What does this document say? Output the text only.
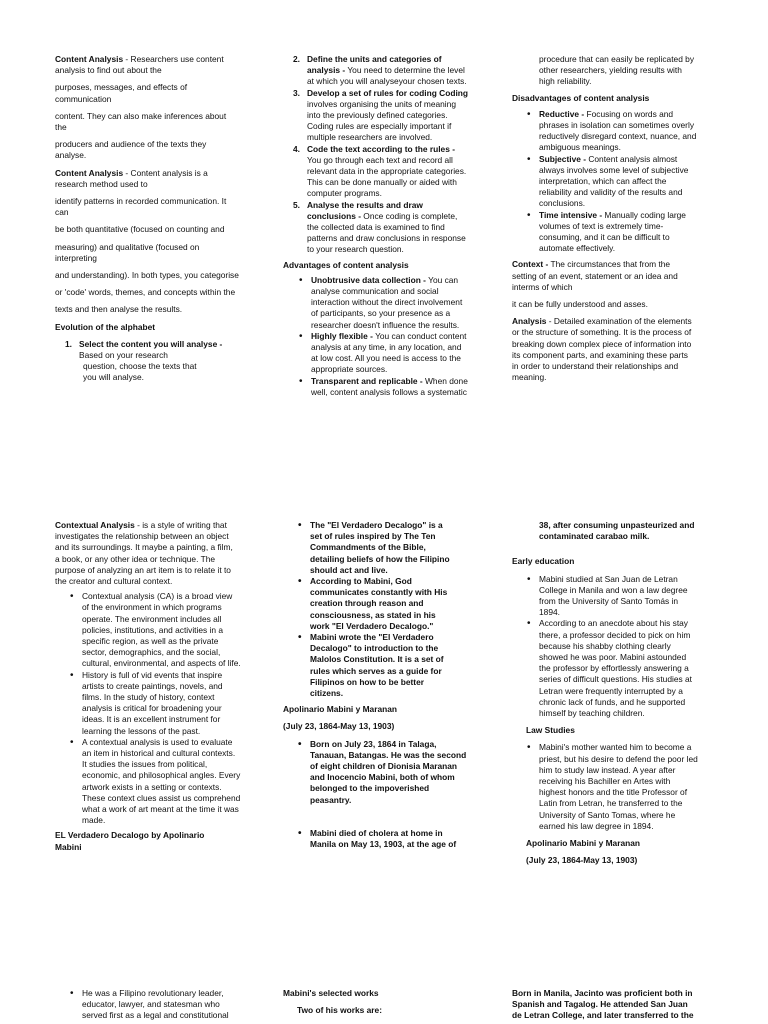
Content Analysis - Researchers use content
analysis to find out about the

purposes, messages, and effects of
communication

content. They can also make inferences about
the

producers and audience of the texts they
analyse.

Content Analysis - Content analysis is a
research method used to

identify patterns in recorded communication. It
can

be both quantitative (focused on counting and

measuring) and qualitative (focused on
interpreting

and understanding). In both types, you categorise

or 'code' words, themes, and concepts within the

texts and then analyse the results.

Evolution of the alphabet

1. Select the content you will analyse -
Based on your research
question, choose the texts that
you will analyse.
2. Define the units and categories of
analysis - You need to determine the level
at which you will analyseyour chosen texts.
3. Develop a set of rules for coding Coding
involves organising the units of meaning
into the previously defined categories.
Coding rules are especially important if
multiple researchers are involved.
4. Code the text according to the rules -
You go through each text and record all
relevant data in the appropriate categories.
This can be done manually or aided with
computer programs.
5. Analyse the results and draw
conclusions - Once coding is complete,
the collected data is examined to find
patterns and draw conclusions in response
to your research question.

Advantages of content analysis

• Unobtrusive data collection - You can
analyse communication and social
interaction without the direct involvement
of participants, so your presence as a
researcher doesn't influence the results.
• Highly flexible - You can conduct content
analysis at any time, in any location, and
at low cost. All you need is access to the
appropriate sources.
• Transparent and replicable - When done
well, content analysis follows a systematic

procedure that can easily be replicated by
other researchers, yielding results with
high reliability.

Disadvantages of content analysis

• Reductive - Focusing on words and
phrases in isolation can sometimes overly
reductively disregard context, nuance, and
ambiguous meanings.
• Subjective - Content analysis almost
always involves some level of subjective
interpretation, which can affect the
reliability and validity of the results and
conclusions.
• Time intensive - Manually coding large
volumes of text is extremely time-
consuming, and it can be difficult to
automate effectively.

Context - The circumstances that from the
setting of an event, statement or an idea and
interms of which

it can be fully understood and asses.

Analysis - Detailed examination of the elements
or the structure of something. It is the process of
breaking down complex piece of information into
its component parts, and examining these parts
in order to understand their relationships and
meaning.

Contextual Analysis - is a style of writing that
investigates the relationship between an object
and its surroundings. It maybe a painting, a film,
a book, or any other idea or technique. The
purpose of analyzing an art item is to relate it to
the creator and cultural context.

• Contextual analysis (CA) is a broad view
of the environment in which programs
operate. The environment includes all
policies, institutions, and activities in a
specific region, as well as the private
sector, demographics, and the social,
cultural, environmental, and aspects of life.
• History is full of vid events that inspire
artists to create paintings, novels, and
films. In the study of history, context
analysis is critical for broadening your
ideas. It is an excellent instrument for
learning the lessons of the past.
• A contextual analysis is used to evaluate
an item in historical and cultural contexts.
It studies the issues from political,
economic, and philosophical angles. Every
artwork exists in a setting or contexts.
These context clues assist us comprehend
what a work of art meant at the time it was
made.

EL Verdadero Decalogo by Apolinario
Mabini

• The "El Verdadero Decalogo" is a
set of rules inspired by The Ten
Commandments of the Bible,
detailing beliefs of how the Filipino
should act and live.
• According to Mabini, God
communicates constantly with His
creation through reason and
consciousness, as stated in his
work "El Verdadero Decalogo."
• Mabini wrote the "El Verdadero
Decalogo" to introduction to the
Malolos Constitution. It is a set of
rules which serves as a guide for
Filipinos on how to be better
citizens.

Apolinario Mabini y Maranan

(July 23, 1864-May 13, 1903)

• Born on July 23, 1864 in Talaga,
Tanauan, Batangas. He was the second
of eight children of Dionisia Maranan
and Inocencio Mabini, both of whom
belonged to the impoverished
peasantry.
• Mabini died of cholera at home in
Manila on May 13, 1903, at the age of

38, after consuming unpasteurized and
contaminated carabao milk.

Early education

• Mabini studied at San Juan de Letran
College in Manila and won a law degree
from the University of Santo Tomás in
1894.
• According to an anecdote about his stay
there, a professor decided to pick on him
because his shabby clothing clearly
showed he was poor. Mabini astounded
the professor by effortlessly answering a
series of difficult questions. His studies at
Letran were frequently interrupted by a
chronic lack of funds, and he supported
himself by teaching children.

Law Studies

• Mabini's mother wanted him to become a
priest, but his desire to defend the poor led
him to study law instead. A year after
receiving his Bachiller en Artes with
highest honors and the title Professor of
Latin from Letran, he transferred to the
University of Santo Tomas, where he
earned his law degree in 1894.

Apolinario Mabini y Maranan

(July 23, 1864-May 13, 1903)

• He was a Filipino revolutionary leader,
educator, lawyer, and statesman who
served first as a legal and constitutional

Mabini's selected works

Two of his works are:

Born in Manila, Jacinto was proficient both in
Spanish and Tagalog. He attended San Juan
de Letran College, and later transferred to the
